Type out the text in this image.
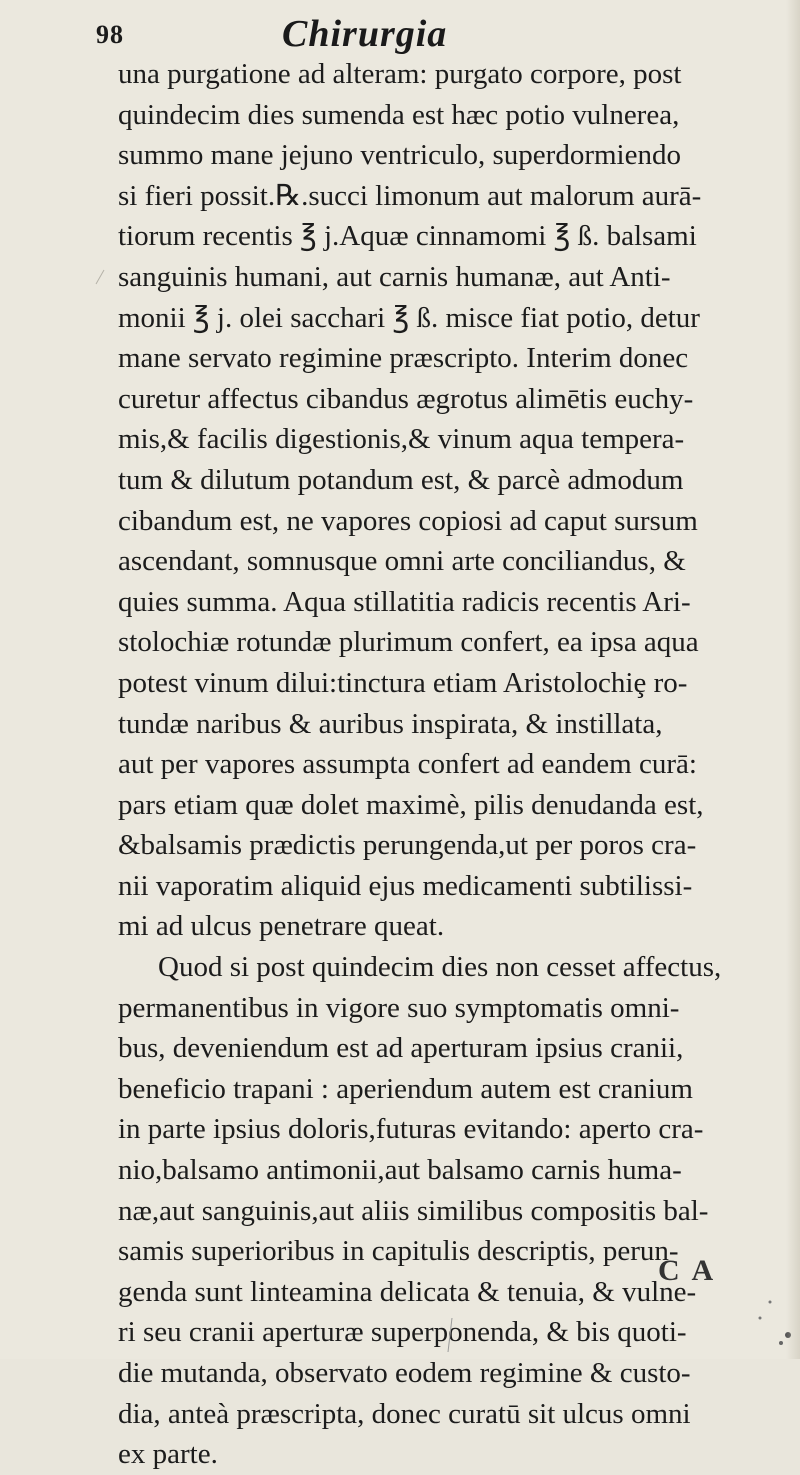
98	Chirurgia
una purgatione ad alteram: purgato corpore, post
quindecim dies sumenda est hæc potio vulnerea,
summo mane jejuno ventriculo, superdormiendo
si fieri possit.℞.succi limonum aut malorum aurā-
tiorum recentis ℥ j.Aquæ cinnamomi ℥ ß. balsami
sanguinis humani, aut carnis humanæ, aut Anti-
monii ℥ j. olei sacchari ℥ ß. misce fiat potio, detur
mane servato regimine præscripto. Interim donec
curetur affectus cibandus ægrotus alimētis euchy-
mis,& facilis digestionis,& vinum aqua tempera-
tum & dilutum potandum est, & parcè admodum
cibandum est, ne vapores copiosi ad caput sursum
ascendant, somnusque omni arte conciliandus, &
quies summa. Aqua stillatitia radicis recentis Ari-
stolochiæ rotundæ plurimum confert, ea ipsa aqua
potest vinum dilui:tinctura etiam Aristolochiȩ ro-
tundæ naribus & auribus inspirata, & instillata,
aut per vapores assumpta confert ad eandem curā:
pars etiam quæ dolet maximè, pilis denudanda est,
&balsamis prædictis perungenda,ut per poros cra-
nii vaporatim aliquid ejus medicamenti subtilissi-
mi ad ulcus penetrare queat.
Quod si post quindecim dies non cesset affectus,
permanentibus in vigore suo symptomatis omni-
bus, deveniendum est ad aperturam ipsius cranii,
beneficio trapani : aperiendum autem est cranium
in parte ipsius doloris,futuras evitando: aperto cra-
nio,balsamo antimonii,aut balsamo carnis huma-
næ,aut sanguinis,aut aliis similibus compositis bal-
samis superioribus in capitulis descriptis, perun-
genda sunt linteamina delicata & tenuia, & vulne-
ri seu cranii aperturæ superponenda, & bis quoti-
die mutanda, observato eodem regimine & custo-
dia, anteà præscripta, donec curatū sit ulcus omni
ex parte.
C A
